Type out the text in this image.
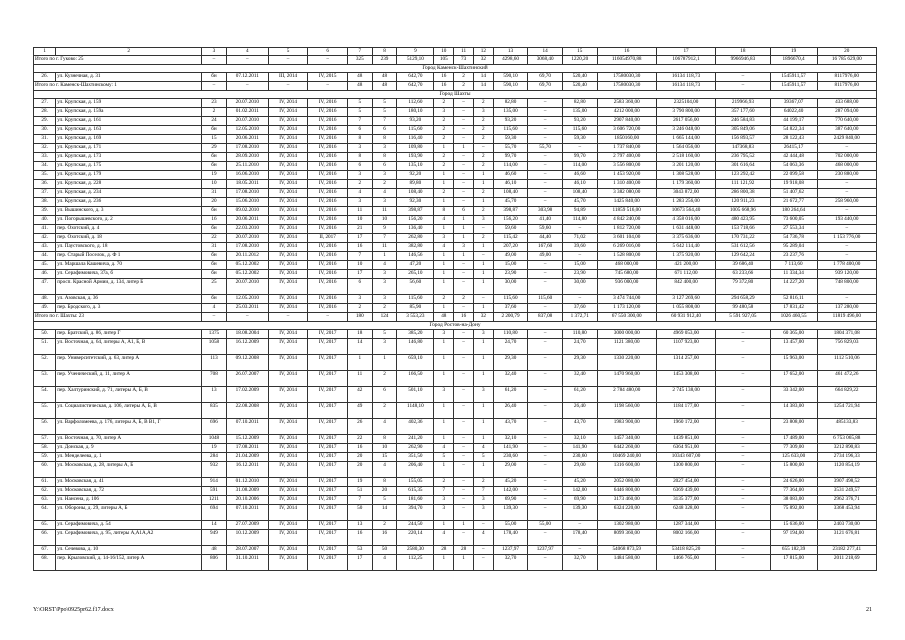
1	2	3	4	5	6	7	8	9	10	11	12	13	14	15	16	17	18	19	20
Итого по г. Гуково: 25		–	–	–	–	325	239	5129,10	105	73	32	4298,60	3068,40	1220,20	116054970,88	106787912,1	9966946,83	1896670,4	16 785 629,00
Город Каменск-Шахтинский																			
26.	ул. Кузнечная, д. 31	бн	07.12.2011	III, 2014	IV, 2015	48	48	642,70	16	2	14	590,10	69,70	520,40	17580030,30	16134 118,73	–	1545911,57	8117976,00
Итого по г. Каменск-Шахтинскому: 1		–	–	–	–	48	48	642,70	16	2	14	590,10	69,70	520,40	17580030,30	16134 118,73	–	1545911,57	8117976,00
Город Шахты																			
27.	ул. Крупская, д. 159	23	20.07.2010	IV, 2014	IV, 2016	5	5	112,60	2	–	2	82,80	–	82,80	2583 360,00	2325104,00	219966,93	39367,07	433 688,00
28.	ул. Крупская, д. 159а	2	01.02.2011	IV, 2014	IV, 2016	5	5	180,10	3	–	3	135,00	–	135,00	4212 000,00	3 790 800,00	357 177,60	64022,40	287 094,00
29.	ул. Крупская, д. 161	24	20.07.2010	IV, 2014	IV, 2016	7	7	93,20	2	–	2	93,20	–	93,20	2907 840,00	2617 056,00	246 584,83	44 199,17	770 640,00
30.	ул. Крупская, д. 163	бн	12.05.2010	IV, 2014	IV, 2016	6	6	115,60	2	–	2	115,60	–	115,60	3 606 720,00	3 246 048,00	305 849,06	54 822,34	387 640,00
31.	ул. Крупская, д. 169	15	20.06.2011	IV, 2014	IV, 2016	8	8	116,40	2	–	2	59,30	–	59,30	1850160,00	1 665 144,00	156 893,57	28 122,43	2429 840,00
32.	ул. Крупская, д. 171	29	17.08.2010	IV, 2014	IV, 2016	3	3	109,80	1	1	–	55,70	55,70	–	1 737 840,00	1 564 056,00	147368,83	26415,17	–
33.	ул. Крупская, д. 173	бн	28.09.2010	IV, 2014	IV, 2016	8	8	193,90	2	–	2	99,70	–	99,70	2 797 400,00	2 518 160,00	236 795,52	42 444,48	702 000,00
34.	ул. Крупская, д. 175	бн	25.11.2010	IV, 2014	IV, 2016	6	6	135,10	2	–	2	114,00	–	114,00	3 556 800,00	3 201 120,00	301 616,64	54 063,36	468 000,00
35.	ул. Крупская, д. 179	19	16.06.2010	IV, 2014	IV, 2016	3	3	92,20	1	–	1	46,60	–	46,60	1 453 920,00	1 308 528,00	123 292,42	22 099,58	230 880,00
36.	ул. Крупская, д. 228	10	18.05.2011	IV, 2014	IV, 2016	2	2	89,80	1	–	1	46,10	–	46,10	1 310 400,00	1 179 360,00	111 121,92	19 918,08	–
37.	ул. Крупская, д. 234	31	17.08.2010	IV, 2014	IV, 2016	4	4	108,40	2	–	2	108,40	–	108,40	3 382 080,00	3043 872,00	286 800,38	51 407,62	–
38.	ул. Крупская, д. 236	20	15.06.2010	IV, 2014	IV, 2016	3	3	92,30	1	–	1	45,70	–	45,70	1425 840,00	1 283 256,00	120 911,23	21 672,77	258 960,00
39.	ул. Вышинского, д. 3	бн	09.02.2010	IV, 2014	IV, 2016	11	11	398,87	8	6	2	398,87	303,98	94,89	11859 516,00	10673 564,40	1005 668,96	180 264,64	–
40.	ул. Погорышевского, д. 2	16	20.06.2011	IV, 2014	IV, 2016	10	10	156,20	4	1	3	156,20	41,40	114,80	4 842 240,00	4 358 016,00	480 423,95	73 600,05	193 440,00
41.	пер. Охотский, д. 4	бн	22.03.2010	IV, 2014	IV, 2016	21	9	136,40	1	1	–	59,60	59,60	–	1 812 720,00	1 631 448,00	153 718,66	27 553,34	–
42.	пер. Охотский, д. 18	22	20.07.2010	IV, 2014	II, 2017	17	7	262,80	3	1	2	115,42	44,40	71,02	3 601 104,00	3 375 636,00	170 731,22	54 736,78	1 153 776,00
43.	ул. Паустовского, д. 18	31	17.08.2010	IV, 2014	IV, 2016	16	11	382,80	4	3	1	207,20	167,60	39,60	6 269 016,00	5 642 114,40	531 612,56	95 289,04	–
44.	пер. Старый Поселок, д. Ф 1	бн	20.11.2012	IV, 2014	IV, 2016	7	1	146,56	1	1	–	49,00	49,00	–	1 528 800,00	1 375 920,00	129 642,24	23 237,76	–
45.	ул. Маршала Кашевича, д. 70	бн	05.12.2002	IV, 2014	IV, 2016	10	4	47,20	1	–	1	15,00	–	15,00	468 000,00	421 200,00	39 686,40	7 113,60	1 778 400,00
46.	ул. Серафимовича, 37а, б	бн	05.12.2002	IV, 2014	IV, 2016	17	3	265,10	1	–	1	23,90	–	23,90	745 680,00	671 112,00	63 233,66	11 334,34	939 120,00
47.	просп. Красной Армии, д. 134, литер Б	25	20.07.2010	IV, 2014	IV, 2016	6	3	56,60	1	–	1	30,00	–	30,00	936 000,00	842 400,00	79 372,80	14 227,20	748 800,00
48.	ул. Азовская, д. 36	бн	12.05.2010	IV, 2014	IV, 2016	3	3	115,60	2	2	–	115,60	115,60	–	3 474 744,00	3 127 269,60	294 658,29	52 816,11	–
49.	пер. Бродского, д. 3	4	25.03.2011	IV, 2014	IV, 2016	2	2	85,90	1	–	1	37,60	–	37,60	1 173 120,00	1 055 808,00	99 480,58	17 831,42	137 280,00
Итого по г. Шахты: 23		–	–	–	–	180	124	3 553,23	48	16	32	2 200,79	837,08	1 372,71	67 550 300,00	60 931 912,40	5 591 927,05	1026 460,55	11819 496,00
Город Ростов-на-Дону																			
50.	пер. Братский, д. 86, литер Г	1375	18.08.2004	IV, 2014	IV, 2017	18	5	385,20	3	–	3	110,80	–	110,80	3000 000,00	4969 053,00	–	60 365,00	1804 371,08
51.	ул. Восточная, д. 64, литеры А, А1, Б, В	1058	16.12.2009	IV, 2014	IV, 2017	14	3	146,80	1	–	1	24,70	–	24,70	1121 380,00	1107 923,00	–	13 457,00	756 829,03
52.	пер. Университетский, д. 63, литер А	113	09.12.2008	IV, 2014	IV, 2017	1	1	659,10	1	–	1	29,30	–	29,30	1330 220,00	1314 257,00	–	15 963,00	1112 510,06
53.	пер. Ученический, д. 11, литер А	708	26.07.2007	IV, 2014	IV, 2017	11	2	166,50	1	–	1	32,40	–	32,40	1470 960,00	1453 308,00	–	17 652,00	461 472,26
54.	пер. Халтуринский, д. 71, литеры А, Б, В	13	17.02.2009	IV, 2014	IV, 2017	42	6	501,10	3	–	3	61,20	–	61,20	2 784 480,00	2 745 138,00	–	33 342,00	664 829,22
55.	ул. Социалистическая, д. 106, литеры А, Б, В	835	22.08.2008	IV, 2014	IV, 2017	49	2	1148,10	1	–	1	26,40	–	26,40	1198 560,00	1184 177,00	–	14 383,00	1254 721,94
56.	ул. Варфоломеева, д. 176, литеры А, Б, В В1, Г	696	07.10.2011	IV, 2014	IV, 2017	26	4	402,36	1	–	1	43,70	–	43,70	1983 900,00	1960 172,00	–	23 808,00	485133,83
57.	ул. Восточная, д. 70, литер А	1048	15.12.2009	IV, 2014	IV, 2017	22	8	241,20	1	–	1	32,10	–	32,10	1457 340,00	1439 851,00	–	17 489,00	6 753 065,88
58.	ул. Донская, д. 9	19	17.08.2011	IV, 2014	IV, 2017	16	10	262,90	4	–	4	141,90	–	141,90	6442 260,00	6364 951,00	–	77 309,00	3212 890,83
59.	ул. Менделеева, д. 1	284	21.04.2009	IV, 2014	IV, 2017	20	15	351,50	5	–	5	230,60	–	230,60	10469 240,00	10343 607,00	–	125 633,00	2734 196,33
60.	ул. Московская, д. 28, литеры А, Б	932	16.12.2011	IV, 2014	IV, 2017	20	4	206,40	1	–	1	29,00	–	29,00	1316 600,00	1300 800,00	–	15 800,00	1120 854,19
61.	ул. Московская, д. 41	914	01.12.2010	IV, 2014	IV, 2017	19	8	155,05	2	–	2	45,20	–	45,20	2052 080,00	2027 454,00	–	24 626,00	3907 498,52
62.	ул. Московская, д. 72	591	31.08.2009	IV, 2014	IV, 2017	51	20	615,35	7	–	7	142,00	–	142,00	6446 800,00	6369 439,00	–	77 364,00	3531 249,57
63.	ул. Нансена, д. 106	1211	20.10.2006	IV, 2014	IV, 2017	7	5	181,60	3	–	3	69,90	–	69,90	3173 460,00	3135 377,00	–	38 083,00	2962 376,71
64.	ул. Обороны, д. 29, литеры А, Б	694	07.10.2011	IV, 2014	IV, 2017	50	14	394,70	3	–	3	139,30	–	139,30	6324 220,00	6248 328,00	–	75 892,00	3368 453,94
65.	ул. Серафимовича, д. 54	14	27.07.2009	IV, 2014	IV, 2017	13	2	244,50	1	1	–	55,00	55,00	–	1302 980,00	1287 344,00	–	15 636,00	2403 730,00
66.	ул. Серафимовича, д. 95, литеры А,А1А,А2	949	10.12.2009	IV, 2014	IV, 2017	16	16	220,14	4	–	4	178,40	–	178,40	8099 360,00	8002 166,00	–	97 194,00	3121 676,81
67.	ул. Сечевова, д. 10	48	28.07.2007	IV, 2014	IV, 2017	53	50	2580,30	28	28	–	1237,97	1237,97	–	54068 873,59	53418 825,20	–	655 182,39	23182 277,41
68.	пер. Крыловский, д. 14-16/152, литер А	806	31.10.2011	IV, 2014	IV, 2017	17	4	112,25	1	1	–	32,70	–	32,70	1484 580,00	1466 765,00	–	17 815,00	2011 218,69
Y:\ORST\Ppo\0925pr62.f17.docx	21
